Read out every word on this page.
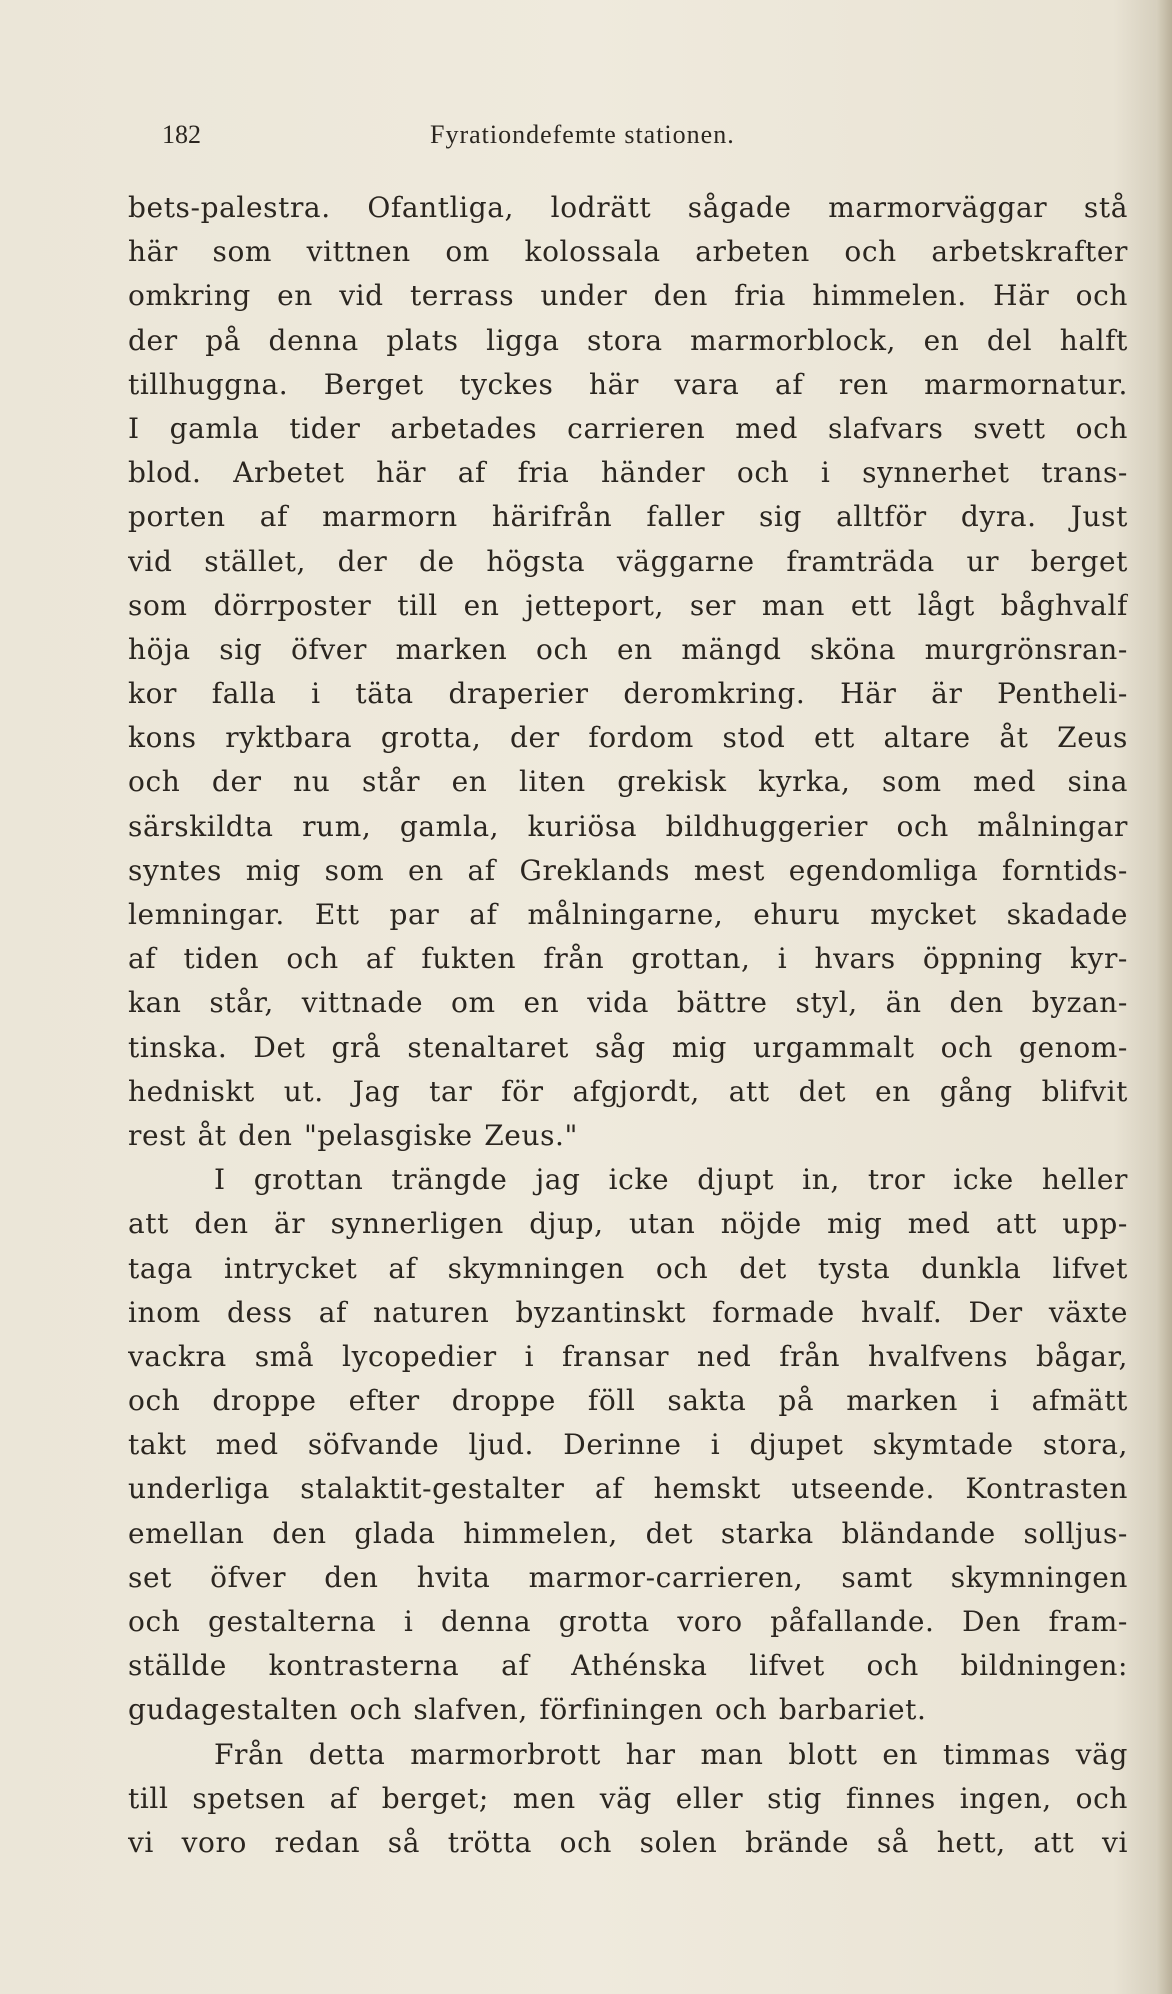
182	Fyrationdefemte stationen.
bets-palestra. Ofantliga, lodrätt sågade marmorväggar stå
här som vittnen om kolossala arbeten och arbetskrafter
omkring en vid terrass under den fria himmelen. Här och
der på denna plats ligga stora marmorblock, en del halft
tillhuggna. Berget tyckes här vara af ren marmornatur.
I gamla tider arbetades carrieren med slafvars svett och
blod. Arbetet här af fria händer och i synnerhet trans-
porten af marmorn härifrån faller sig alltför dyra. Just
vid stället, der de högsta väggarne framträda ur berget
som dörrposter till en jetteport, ser man ett lågt båghvalf
höja sig öfver marken och en mängd sköna murgrönsran-
kor falla i täta draperier deromkring. Här är Pentheli-
kons ryktbara grotta, der fordom stod ett altare åt Zeus
och der nu står en liten grekisk kyrka, som med sina
särskildta rum, gamla, kuriösa bildhuggerier och målningar
syntes mig som en af Greklands mest egendomliga forntids-
lemningar. Ett par af målningarne, ehuru mycket skadade
af tiden och af fukten från grottan, i hvars öppning kyr-
kan står, vittnade om en vida bättre styl, än den byzan-
tinska. Det grå stenaltaret såg mig urgammalt och genom-
hedniskt ut. Jag tar för afgjordt, att det en gång blifvit
rest åt den "pelasgiske Zeus."
I grottan trängde jag icke djupt in, tror icke heller
att den är synnerligen djup, utan nöjde mig med att upp-
taga intrycket af skymningen och det tysta dunkla lifvet
inom dess af naturen byzantinskt formade hvalf. Der växte
vackra små lycopedier i fransar ned från hvalfvens bågar,
och droppe efter droppe föll sakta på marken i afmätt
takt med söfvande ljud. Derinne i djupet skymtade stora,
underliga stalaktit-gestalter af hemskt utseende. Kontrasten
emellan den glada himmelen, det starka bländande solljus-
set öfver den hvita marmor-carrieren, samt skymningen
och gestalterna i denna grotta voro påfallande. Den fram-
ställde kontrasterna af Athénska lifvet och bildningen:
gudagestalten och slafven, förfiningen och barbariet.
Från detta marmorbrott har man blott en timmas väg
till spetsen af berget; men väg eller stig finnes ingen, och
vi voro redan så trötta och solen brände så hett, att vi
